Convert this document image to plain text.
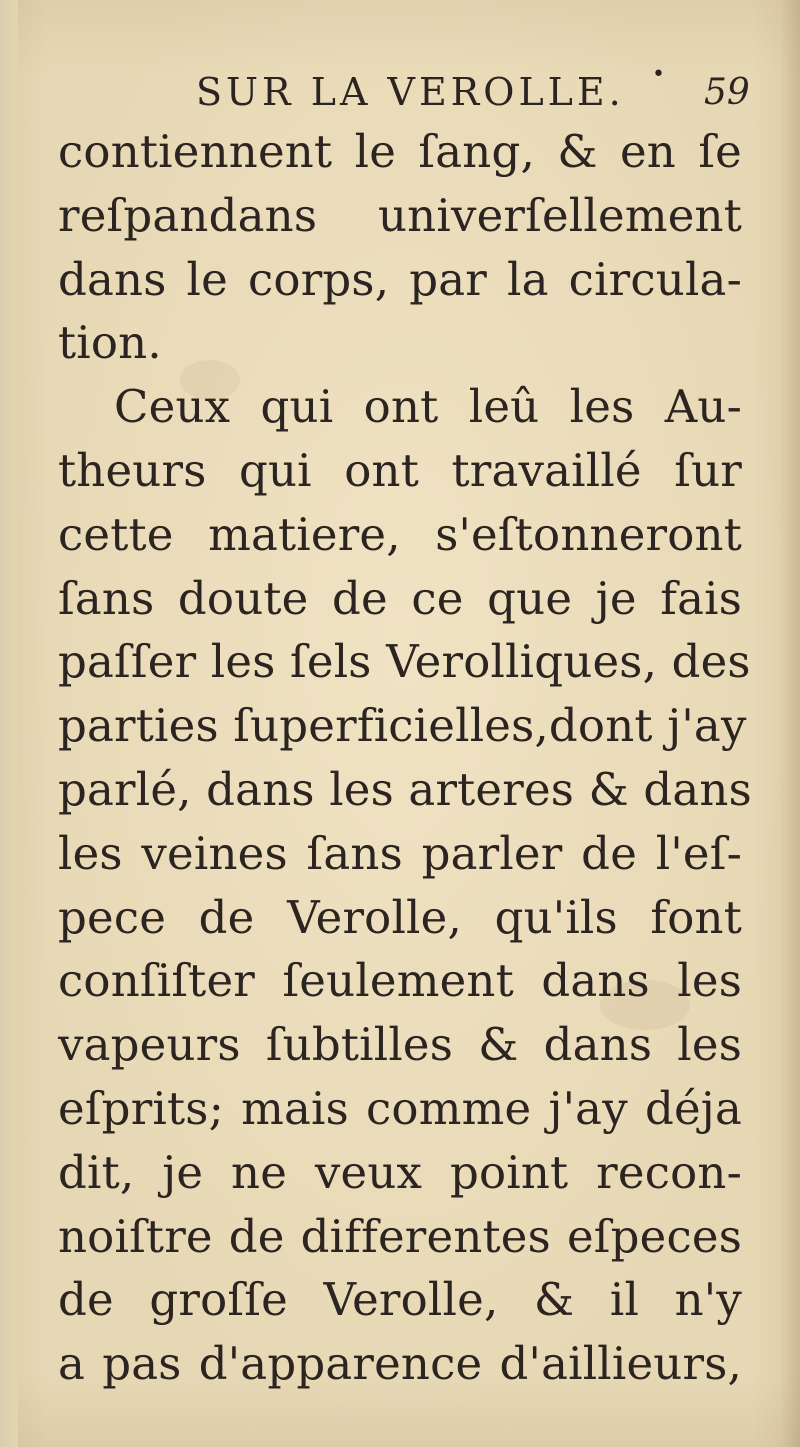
SUR LA VEROLLE. • 59
contiennent le ſang, & en ſe
reſpandans univerſellement
dans le corps, par la circula-
tion.
Ceux qui ont leû les Au-
theurs qui ont travaillé ſur
cette matiere, s'eſtonneront
ſans doute de ce que je fais
paſſer les ſels Verolliques, des
parties ſuperficielles,dont j'ay
parlé, dans les arteres & dans
les veines ſans parler de l'eſ-
pece de Verolle, qu'ils font
conſiſter ſeulement dans les
vapeurs ſubtilles & dans les
eſprits; mais comme j'ay déja
dit, je ne veux point recon-
noiſtre de differentes eſpeces
de groſſe Verolle, & il n'y
a pas d'apparence d'aillieurs,
